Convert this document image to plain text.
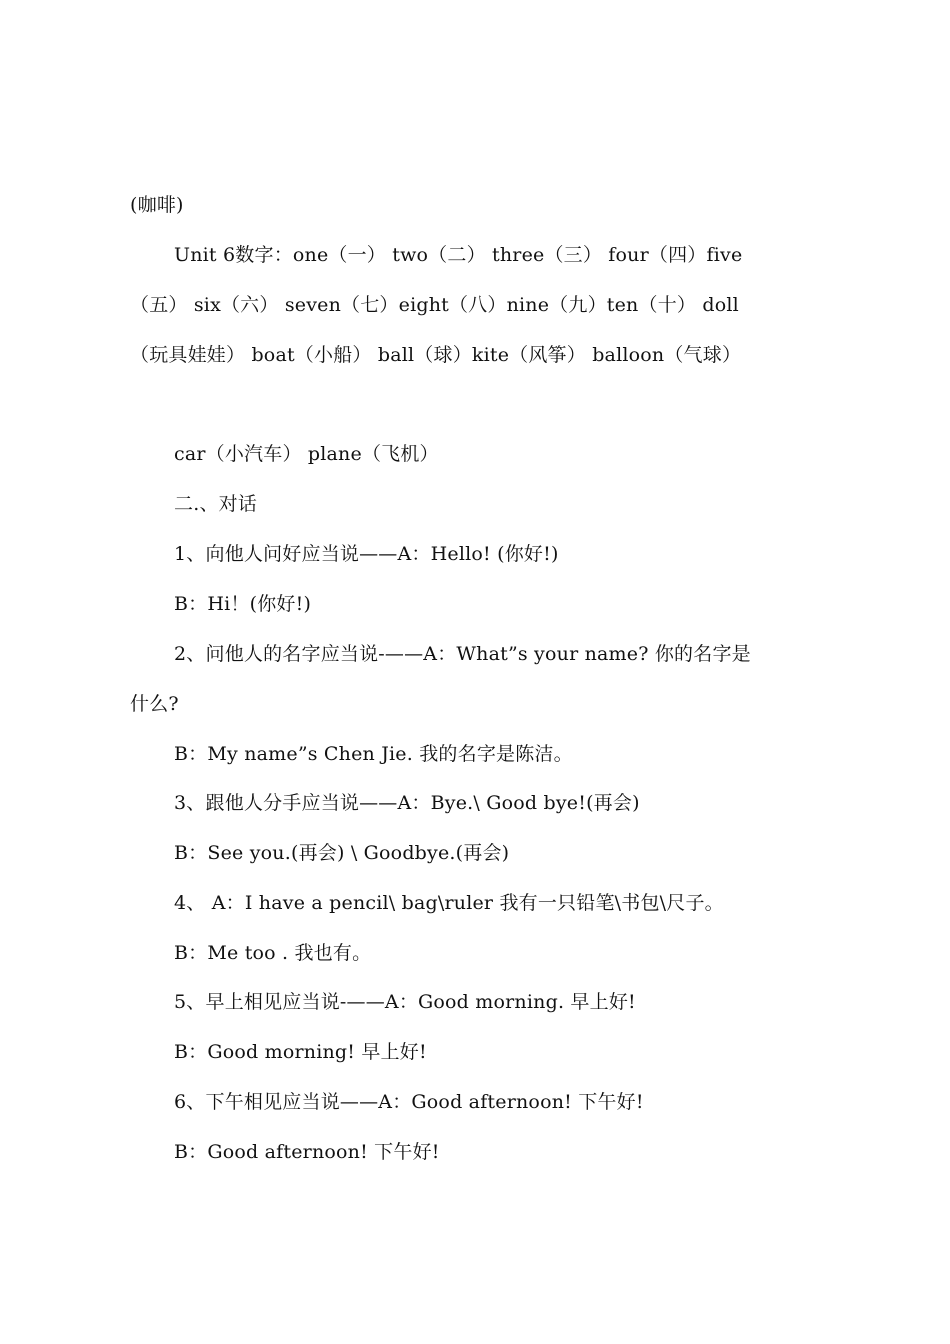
(咖啡)
Unit 6数字：one（一） two（二） three（三） four（四）five
（五） six（六） seven（七）eight（八）nine（九）ten（十） doll
（玩具娃娃） boat（小船） ball（球）kite（风筝） balloon（气球）
car（小汽车） plane（飞机）
二.、对话
1、向他人问好应当说——A：Hello! (你好!)
B：Hi！(你好!)
2、问他人的名字应当说-——A：What”s your name? 你的名字是
什么?
B：My name”s Chen Jie. 我的名字是陈洁。
3、跟他人分手应当说——A：Bye.\ Good bye!(再会)
B：See you.(再会) \ Goodbye.(再会)
4、 A：I have a pencil\ bag\ruler 我有一只铅笔\书包\尺子。
B：Me too . 我也有。
5、早上相见应当说-——A：Good morning. 早上好!
B：Good morning! 早上好!
6、下午相见应当说——A：Good afternoon! 下午好!
B：Good afternoon! 下午好!
